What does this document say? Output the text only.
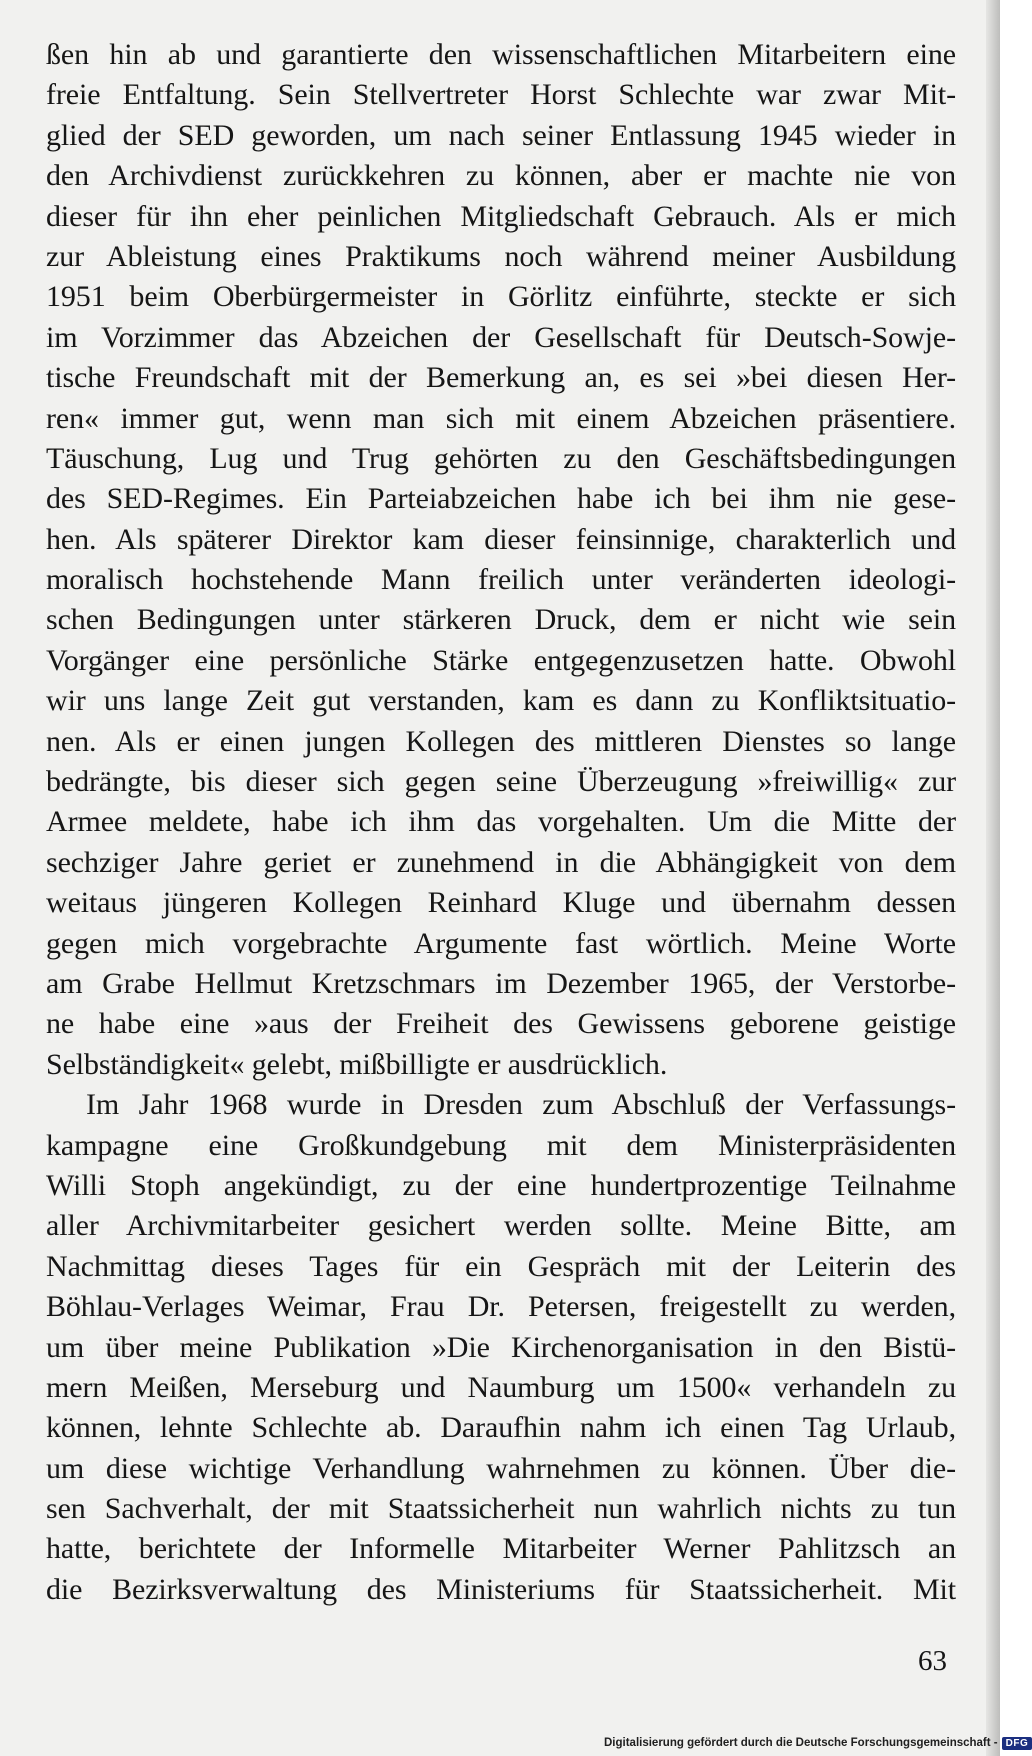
ßen hin ab und garantierte den wissenschaftlichen Mitarbeitern eine
freie Entfaltung. Sein Stellvertreter Horst Schlechte war zwar Mit-
glied der SED geworden, um nach seiner Entlassung 1945 wieder in
den Archivdienst zurückkehren zu können, aber er machte nie von
dieser für ihn eher peinlichen Mitgliedschaft Gebrauch. Als er mich
zur Ableistung eines Praktikums noch während meiner Ausbildung
1951 beim Oberbürgermeister in Görlitz einführte, steckte er sich
im Vorzimmer das Abzeichen der Gesellschaft für Deutsch-Sowje-
tische Freundschaft mit der Bemerkung an, es sei »bei diesen Her-
ren« immer gut, wenn man sich mit einem Abzeichen präsentiere.
Täuschung, Lug und Trug gehörten zu den Geschäftsbedingungen
des SED-Regimes. Ein Parteiabzeichen habe ich bei ihm nie gese-
hen. Als späterer Direktor kam dieser feinsinnige, charakterlich und
moralisch hochstehende Mann freilich unter veränderten ideologi-
schen Bedingungen unter stärkeren Druck, dem er nicht wie sein
Vorgänger eine persönliche Stärke entgegenzusetzen hatte. Obwohl
wir uns lange Zeit gut verstanden, kam es dann zu Konfliktsituatio-
nen. Als er einen jungen Kollegen des mittleren Dienstes so lange
bedrängte, bis dieser sich gegen seine Überzeugung »freiwillig« zur
Armee meldete, habe ich ihm das vorgehalten. Um die Mitte der
sechziger Jahre geriet er zunehmend in die Abhängigkeit von dem
weitaus jüngeren Kollegen Reinhard Kluge und übernahm dessen
gegen mich vorgebrachte Argumente fast wörtlich. Meine Worte
am Grabe Hellmut Kretzschmars im Dezember 1965, der Verstorbe-
ne habe eine »aus der Freiheit des Gewissens geborene geistige
Selbständigkeit« gelebt, mißbilligte er ausdrücklich.
Im Jahr 1968 wurde in Dresden zum Abschluß der Verfassungs-
kampagne eine Großkundgebung mit dem Ministerpräsidenten
Willi Stoph angekündigt, zu der eine hundertprozentige Teilnahme
aller Archivmitarbeiter gesichert werden sollte. Meine Bitte, am
Nachmittag dieses Tages für ein Gespräch mit der Leiterin des
Böhlau-Verlages Weimar, Frau Dr. Petersen, freigestellt zu werden,
um über meine Publikation »Die Kirchenorganisation in den Bistü-
mern Meißen, Merseburg und Naumburg um 1500« verhandeln zu
können, lehnte Schlechte ab. Daraufhin nahm ich einen Tag Urlaub,
um diese wichtige Verhandlung wahrnehmen zu können. Über die-
sen Sachverhalt, der mit Staatssicherheit nun wahrlich nichts zu tun
hatte, berichtete der Informelle Mitarbeiter Werner Pahlitzsch an
die Bezirksverwaltung des Ministeriums für Staatssicherheit. Mit
63
Digitalisierung gefördert durch die Deutsche Forschungsgemeinschaft - DFG
